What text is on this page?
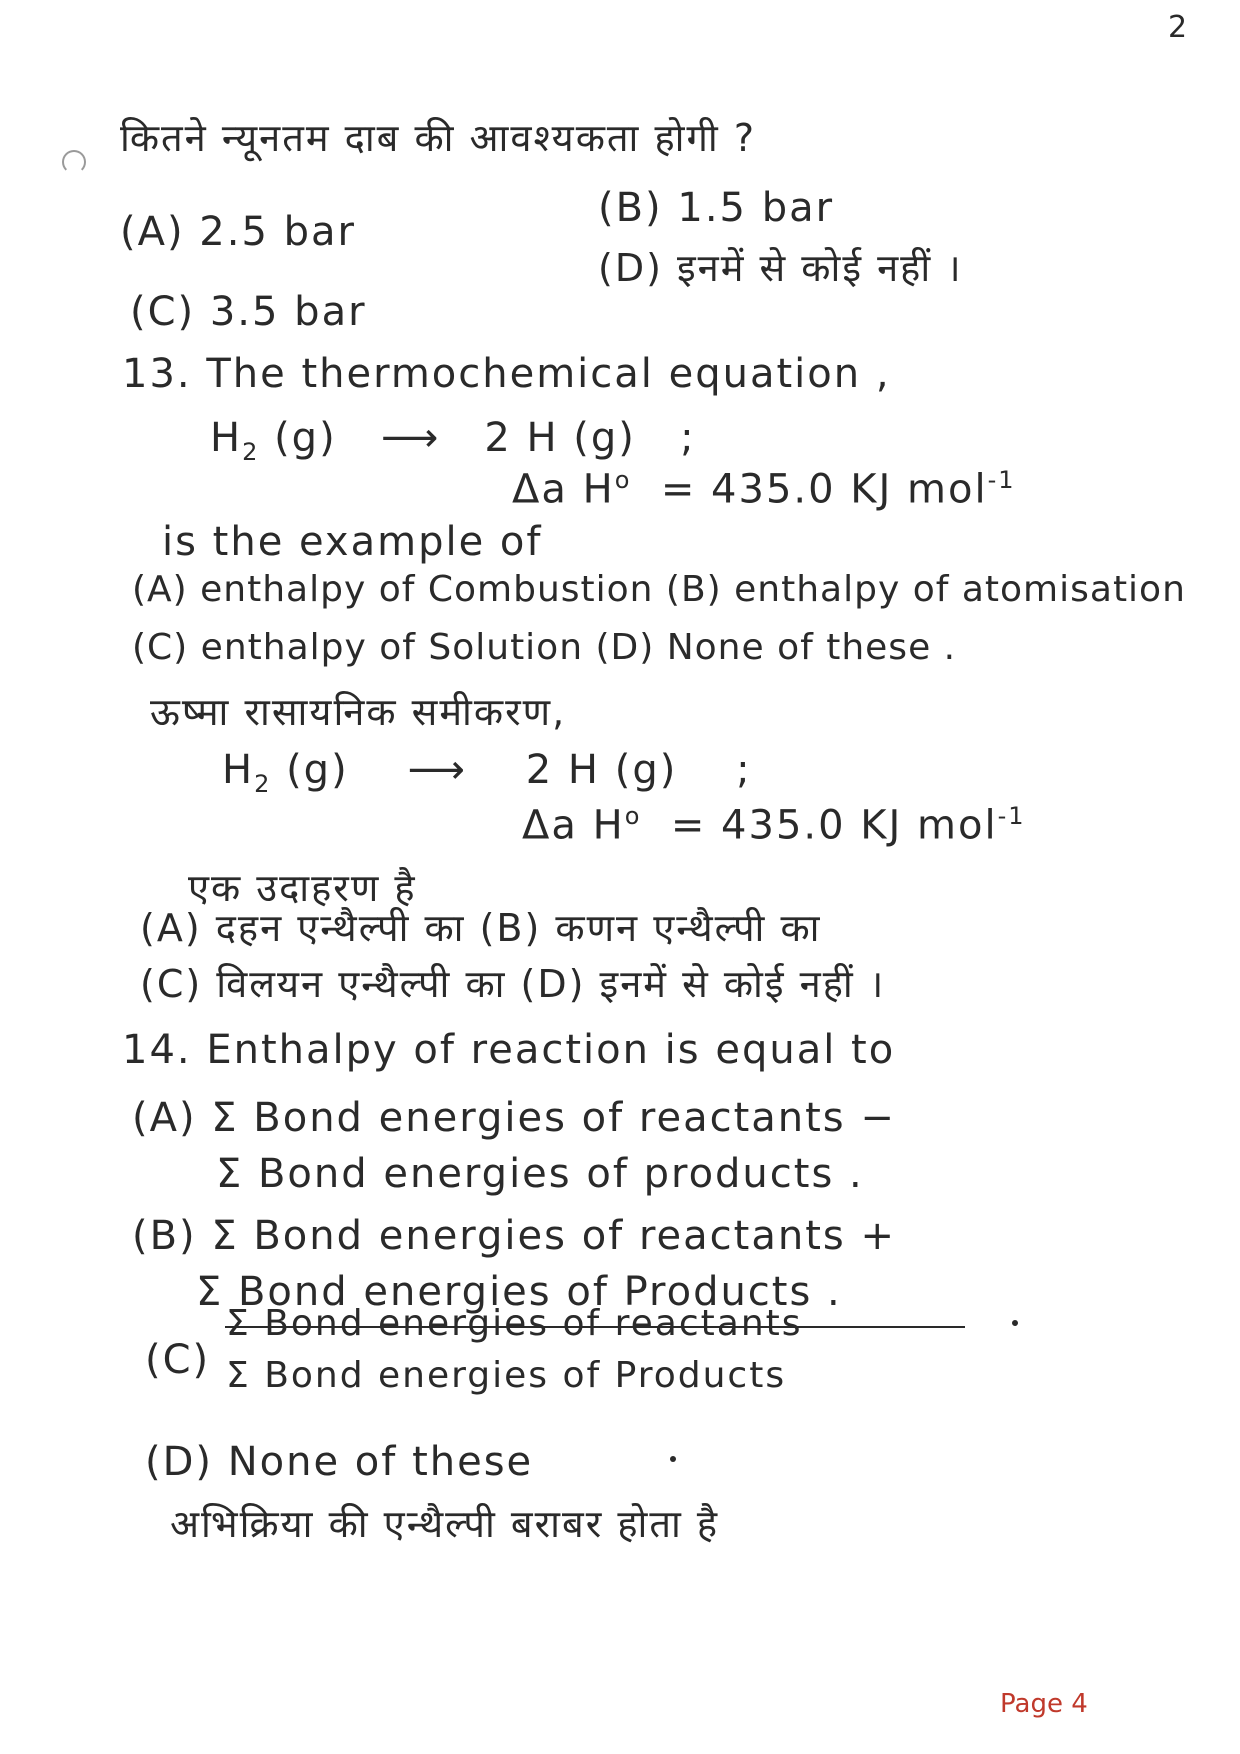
2
कितने न्यूनतम दाब की आवश्यकता होगी ?
(A) 2.5 bar
(B) 1.5 bar
(D) इनमें से कोई नहीं ।
(C) 3.5 bar
13. The thermochemical equation ,
$H_2$ (g) ⟶ 2 H (g) ;
Δa $H^o = 435.0$ KJ mol$^{-1}$
is the example of
(A) enthalpy of Combustion (B) enthalpy of atomisation
(C) enthalpy of Solution (D) None of these .
ऊष्मा रासायनिक समीकरण,
$H_2$ (g) ⟶ 2 H (g) ;
Δa $H^o = 435.0$ KJ mol$^{-1}$
एक उदाहरण है
(A) दहन एन्थैल्पी का (B) कणन एन्थैल्पी का
(C) विलयन एन्थैल्पी का (D) इनमें से कोई नहीं ।
14. Enthalpy of reaction is equal to
(A) Σ Bond energies of reactants −
Σ Bond energies of products .
(B) Σ Bond energies of reactants +
Σ Bond energies of Products .
(C)
Σ Bond energies of reactants
Σ Bond energies of Products
(D) None of these
अभिक्रिया की एन्थैल्पी बराबर होता है
Page 4
